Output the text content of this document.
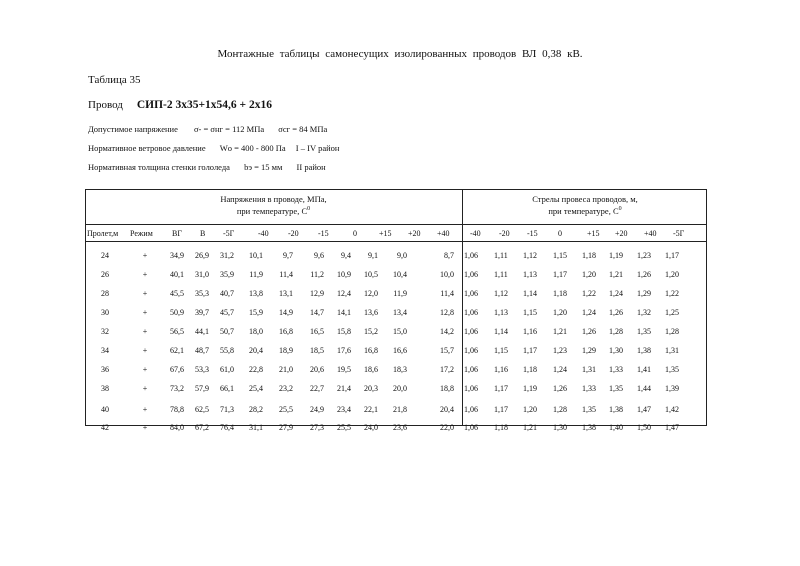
Монтажные таблицы самонесущих изолированных проводов ВЛ 0,38 кВ.
Таблица 35
Провод СИП-2 3х35+1х54,6 + 2х16
Допустимое напряжение σ- = σнг = 112 МПа σсг = 84 МПа
Нормативное ветровое давление Wо = 400 - 800 Па I – IV район
Нормативная толщина стенки гололеда bэ = 15 мм II район
Напряжения в проводе, МПа,
при температуре, $С^0$
Стрелы провеса проводов, м,
при температуре, $С^0$
Пролет,м Режим ВГ В -5Г	-40 -20 -15	0	+15 +20 +40	-40 -20 -15	0	+15 +20 +40 -5Г
24	+	34,9	26,9	31,2	10,1	9,7	9,6	9,4	9,1	9,0	8,7 1,06	1,11	1,12	1,15	1,18	1,19	1,23	1,17
26	+	40,1	31,0	35,9	11,9	11,4	11,2	10,9	10,5	10,4	10,0 1,06	1,11	1,13	1,17	1,20	1,21	1,26	1,20
28	+	45,5	35,3	40,7	13,8	13,1	12,9	12,4	12,0	11,9	11,4 1,06	1,12	1,14	1,18	1,22	1,24	1,29	1,22
30	+	50,9	39,7	45,7	15,9	14,9	14,7	14,1	13,6	13,4	12,8 1,06	1,13	1,15	1,20	1,24	1,26	1,32	1,25
32	+	56,5	44,1	50,7	18,0	16,8	16,5	15,8	15,2	15,0	14,2 1,06	1,14	1,16	1,21	1,26	1,28	1,35	1,28
34	+	62,1	48,7	55,8	20,4	18,9	18,5	17,6	16,8	16,6	15,7 1,06	1,15	1,17	1,23	1,29	1,30	1,38	1,31
36	+	67,6	53,3	61,0	22,8	21,0	20,6	19,5	18,6	18,3	17,2 1,06	1,16	1,18	1,24	1,31	1,33	1,41	1,35
38	+	73,2	57,9	66,1	25,4	23,2	22,7	21,4	20,3	20,0	18,8 1,06	1,17	1,19	1,26	1,33	1,35	1,44	1,39
40	+	78,8	62,5	71,3	28,2	25,5	24,9	23,4	22,1	21,8	20,4 1,06	1,17	1,20	1,28	1,35	1,38	1,47	1,42
42	+	84,0	67,2	76,4	31,1	27,9	27,3	25,5	24,0	23,6	22,0 1,06	1,18	1,21	1,30	1,38	1,40	1,50	1,47
